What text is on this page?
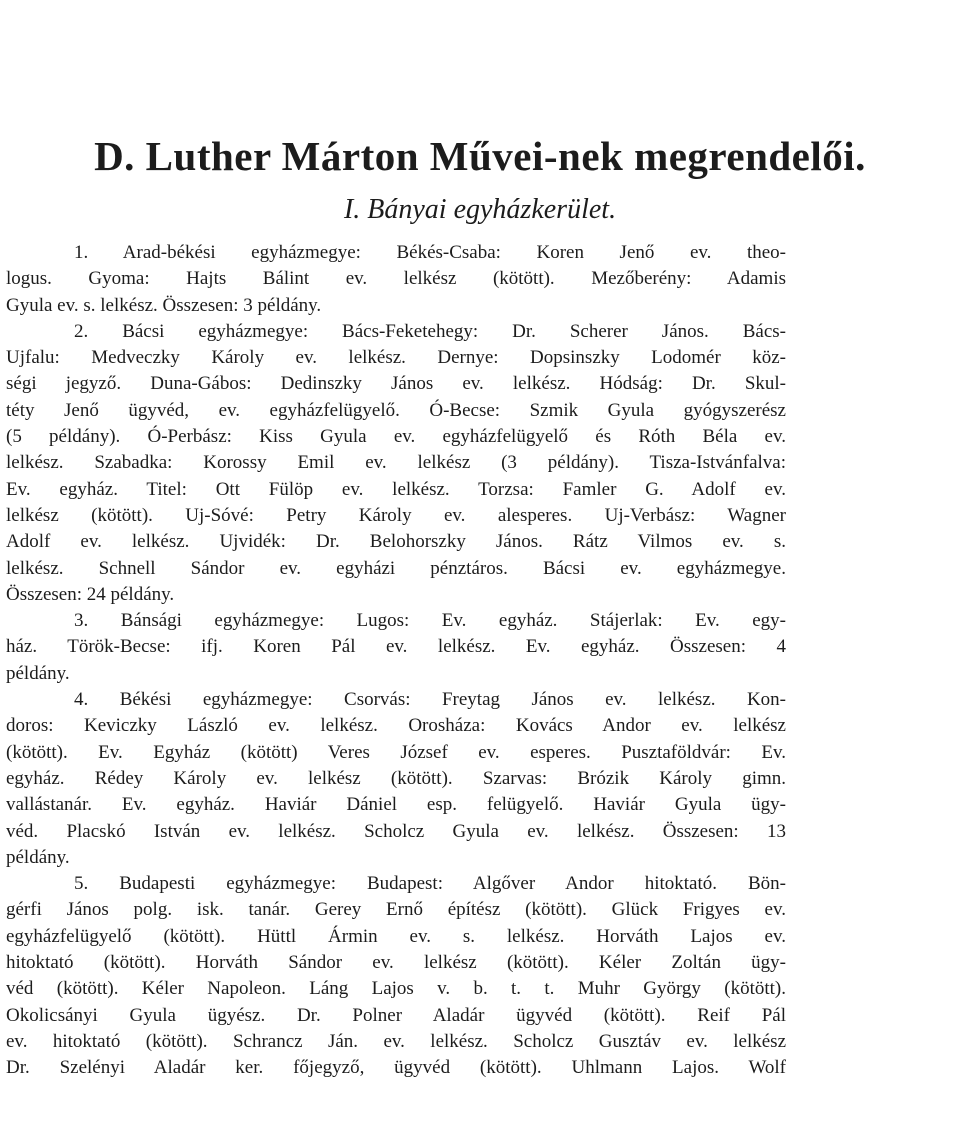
D. Luther Márton Művei-nek megrendelői.
I. Bányai egyházkerület.
1. Arad-békési egyházmegye: Békés-Csaba: Koren Jenő ev. theo-
logus. Gyoma: Hajts Bálint ev. lelkész (kötött). Mezőberény: Adamis
Gyula ev. s. lelkész. Összesen: 3 példány.
2. Bácsi egyházmegye: Bács-Feketehegy: Dr. Scherer János. Bács-
Ujfalu: Medveczky Károly ev. lelkész. Dernye: Dopsinszky Lodomér köz-
ségi jegyző. Duna-Gábos: Dedinszky János ev. lelkész. Hódság: Dr. Skul-
téty Jenő ügyvéd, ev. egyházfelügyelő. Ó-Becse: Szmik Gyula gyógyszerész
(5 példány). Ó-Perbász: Kiss Gyula ev. egyházfelügyelő és Róth Béla ev.
lelkész. Szabadka: Korossy Emil ev. lelkész (3 példány). Tisza-Istvánfalva:
Ev. egyház. Titel: Ott Fülöp ev. lelkész. Torzsa: Famler G. Adolf ev.
lelkész (kötött). Uj-Sóvé: Petry Károly ev. alesperes. Uj-Verbász: Wagner
Adolf ev. lelkész. Ujvidék: Dr. Belohorszky János. Rátz Vilmos ev. s.
lelkész. Schnell Sándor ev. egyházi pénztáros. Bácsi ev. egyházmegye.
Összesen: 24 példány.
3. Bánsági egyházmegye: Lugos: Ev. egyház. Stájerlak: Ev. egy-
ház. Török-Becse: ifj. Koren Pál ev. lelkész. Ev. egyház. Összesen: 4
példány.
4. Békési egyházmegye: Csorvás: Freytag János ev. lelkész. Kon-
doros: Keviczky László ev. lelkész. Orosháza: Kovács Andor ev. lelkész
(kötött). Ev. Egyház (kötött) Veres József ev. esperes. Pusztaföldvár: Ev.
egyház. Rédey Károly ev. lelkész (kötött). Szarvas: Brózik Károly gimn.
vallástanár. Ev. egyház. Haviár Dániel esp. felügyelő. Haviár Gyula ügy-
véd. Placskó István ev. lelkész. Scholcz Gyula ev. lelkész. Összesen: 13
példány.
5. Budapesti egyházmegye: Budapest: Algőver Andor hitoktató. Bön-
gérfi János polg. isk. tanár. Gerey Ernő építész (kötött). Glück Frigyes ev.
egyházfelügyelő (kötött). Hüttl Ármin ev. s. lelkész. Horváth Lajos ev.
hitoktató (kötött). Horváth Sándor ev. lelkész (kötött). Kéler Zoltán ügy-
véd (kötött). Kéler Napoleon. Láng Lajos v. b. t. t. Muhr György (kötött).
Okolicsányi Gyula ügyész. Dr. Polner Aladár ügyvéd (kötött). Reif Pál
ev. hitoktató (kötött). Schrancz Ján. ev. lelkész. Scholcz Gusztáv ev. lelkész
Dr. Szelényi Aladár ker. főjegyző, ügyvéd (kötött). Uhlmann Lajos. Wolf
